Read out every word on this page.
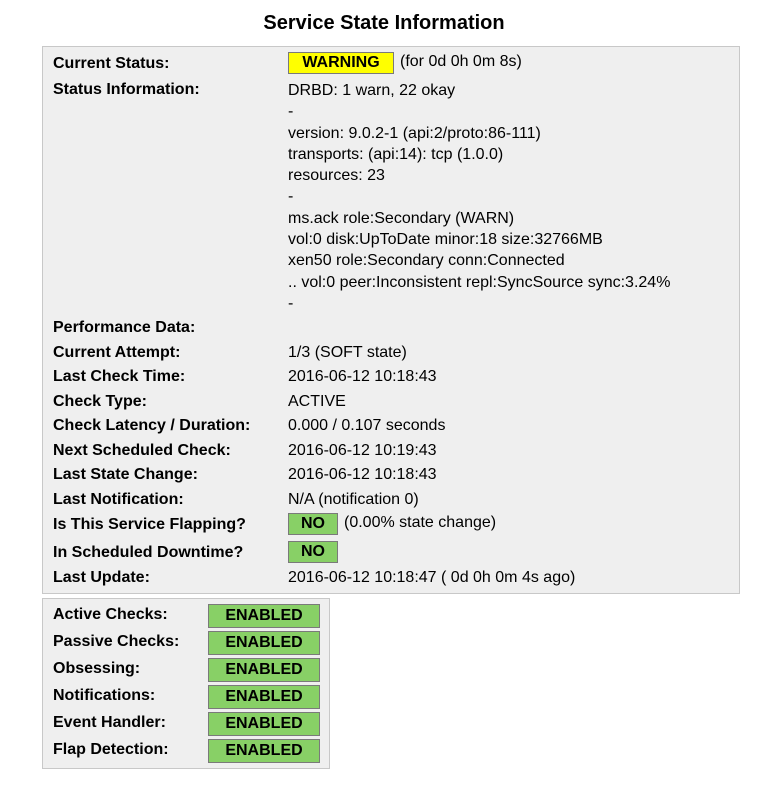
Service State Information
Current Status:	WARNING (for 0d 0h 0m 8s)
Status Information:	DRBD: 1 warn, 22 okay
-
version: 9.0.2-1 (api:2/proto:86-111)
transports: (api:14): tcp (1.0.0)
resources: 23
-
ms.ack role:Secondary (WARN)
vol:0 disk:UpToDate minor:18 size:32766MB
xen50 role:Secondary conn:Connected
.. vol:0 peer:Inconsistent repl:SyncSource sync:3.24%
-
Performance Data:
Current Attempt:	1/3 (SOFT state)
Last Check Time:	2016-06-12 10:18:43
Check Type:	ACTIVE
Check Latency / Duration: 0.000 / 0.107 seconds
Next Scheduled Check:	2016-06-12 10:19:43
Last State Change:	2016-06-12 10:18:43
Last Notification:	N/A (notification 0)
Is This Service Flapping?	NO (0.00% state change)
In Scheduled Downtime?	NO
Last Update:	2016-06-12 10:18:47 ( 0d 0h 0m 4s ago)
Active Checks:	ENABLED
Passive Checks:	ENABLED
Obsessing:	ENABLED
Notifications:	ENABLED
Event Handler:	ENABLED
Flap Detection:	ENABLED
